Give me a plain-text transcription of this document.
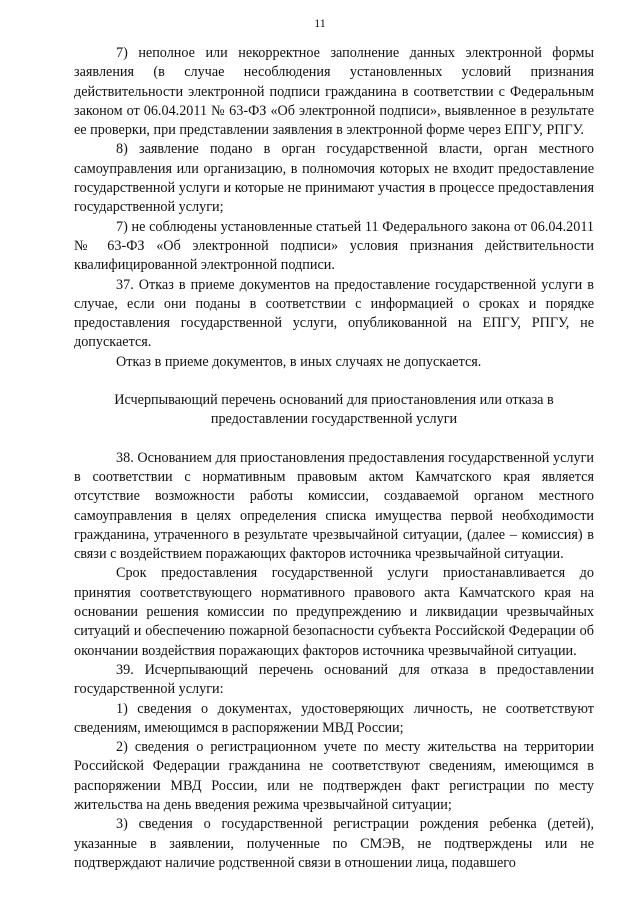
11

7) неполное или некорректное заполнение данных электронной формы заявления (в случае несоблюдения установленных условий признания действительности электронной подписи гражданина в соответствии с Федеральным законом от 06.04.2011 № 63-ФЗ «Об электронной подписи», выявленное в результате ее проверки, при представлении заявления в электронной форме через ЕПГУ, РПГУ.

8) заявление подано в орган государственной власти, орган местного самоуправления или организацию, в полномочия которых не входит предоставление государственной услуги и которые не принимают участия в процессе предоставления государственной услуги;

7) не соблюдены установленные статьей 11 Федерального закона от 06.04.2011 № 63-ФЗ «Об электронной подписи» условия признания действительности квалифицированной электронной подписи.

37. Отказ в приеме документов на предоставление государственной услуги в случае, если они поданы в соответствии с информацией о сроках и порядке предоставления государственной услуги, опубликованной на ЕПГУ, РПГУ, не допускается.

Отказ в приеме документов, в иных случаях не допускается.

Исчерпывающий перечень оснований для приостановления или отказа в предоставлении государственной услуги

38. Основанием для приостановления предоставления государственной услуги в соответствии с нормативным правовым актом Камчатского края является отсутствие возможности работы комиссии, создаваемой органом местного самоуправления в целях определения списка имущества первой необходимости гражданина, утраченного в результате чрезвычайной ситуации, (далее – комиссия) в связи с воздействием поражающих факторов источника чрезвычайной ситуации.

Срок предоставления государственной услуги приостанавливается до принятия соответствующего нормативного правового акта Камчатского края на основании решения комиссии по предупреждению и ликвидации чрезвычайных ситуаций и обеспечению пожарной безопасности субъекта Российской Федерации об окончании воздействия поражающих факторов источника чрезвычайной ситуации.

39. Исчерпывающий перечень оснований для отказа в предоставлении государственной услуги:

1) сведения о документах, удостоверяющих личность, не соответствуют сведениям, имеющимся в распоряжении МВД России;

2) сведения о регистрационном учете по месту жительства на территории Российской Федерации гражданина не соответствуют сведениям, имеющимся в распоряжении МВД России, или не подтвержден факт регистрации по месту жительства на день введения режима чрезвычайной ситуации;

3) сведения о государственной регистрации рождения ребенка (детей), указанные в заявлении, полученные по СМЭВ, не подтверждены или не подтверждают наличие родственной связи в отношении лица, подавшего
